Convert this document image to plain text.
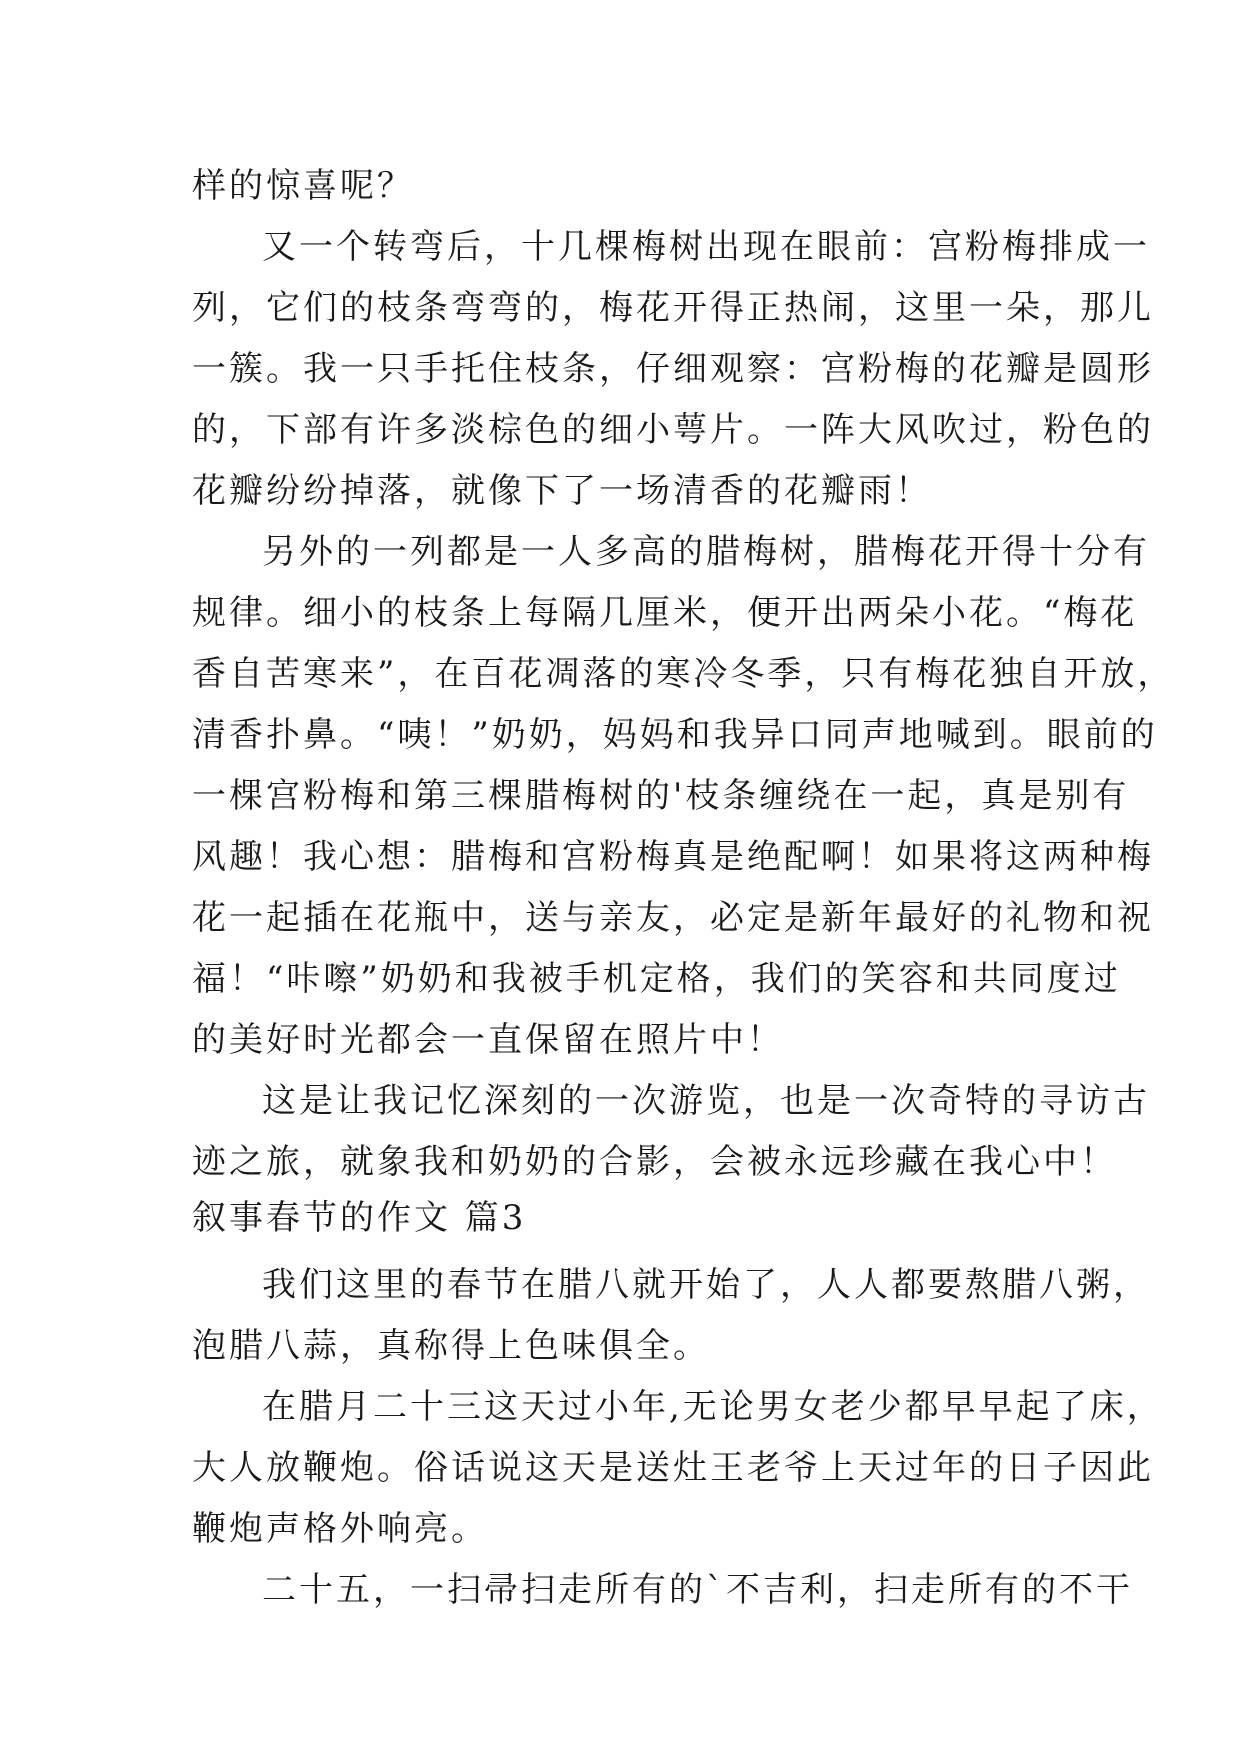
样的惊喜呢？
又一个转弯后，十几棵梅树出现在眼前：宫粉梅排成一
列，它们的枝条弯弯的，梅花开得正热闹，这里一朵，那儿
一簇。我一只手托住枝条，仔细观察：宫粉梅的花瓣是圆形
的，下部有许多淡棕色的细小萼片。一阵大风吹过，粉色的
花瓣纷纷掉落，就像下了一场清香的花瓣雨！
另外的一列都是一人多高的腊梅树，腊梅花开得十分有
规律。细小的枝条上每隔几厘米，便开出两朵小花。“梅花
香自苦寒来”，在百花凋落的寒冷冬季，只有梅花独自开放，
清香扑鼻。“咦！”奶奶，妈妈和我异口同声地喊到。眼前的
一棵宫粉梅和第三棵腊梅树的'枝条缠绕在一起，真是别有
风趣！我心想：腊梅和宫粉梅真是绝配啊！如果将这两种梅
花一起插在花瓶中，送与亲友，必定是新年最好的礼物和祝
福！“咔嚓”奶奶和我被手机定格，我们的笑容和共同度过
的美好时光都会一直保留在照片中！
这是让我记忆深刻的一次游览，也是一次奇特的寻访古
迹之旅，就象我和奶奶的合影，会被永远珍藏在我心中！
叙事春节的作文 篇3
我们这里的春节在腊八就开始了，人人都要熬腊八粥，
泡腊八蒜，真称得上色味俱全。
在腊月二十三这天过小年,无论男女老少都早早起了床，
大人放鞭炮。俗话说这天是送灶王老爷上天过年的日子因此
鞭炮声格外响亮。
二十五，一扫帚扫走所有的`不吉利，扫走所有的不干
